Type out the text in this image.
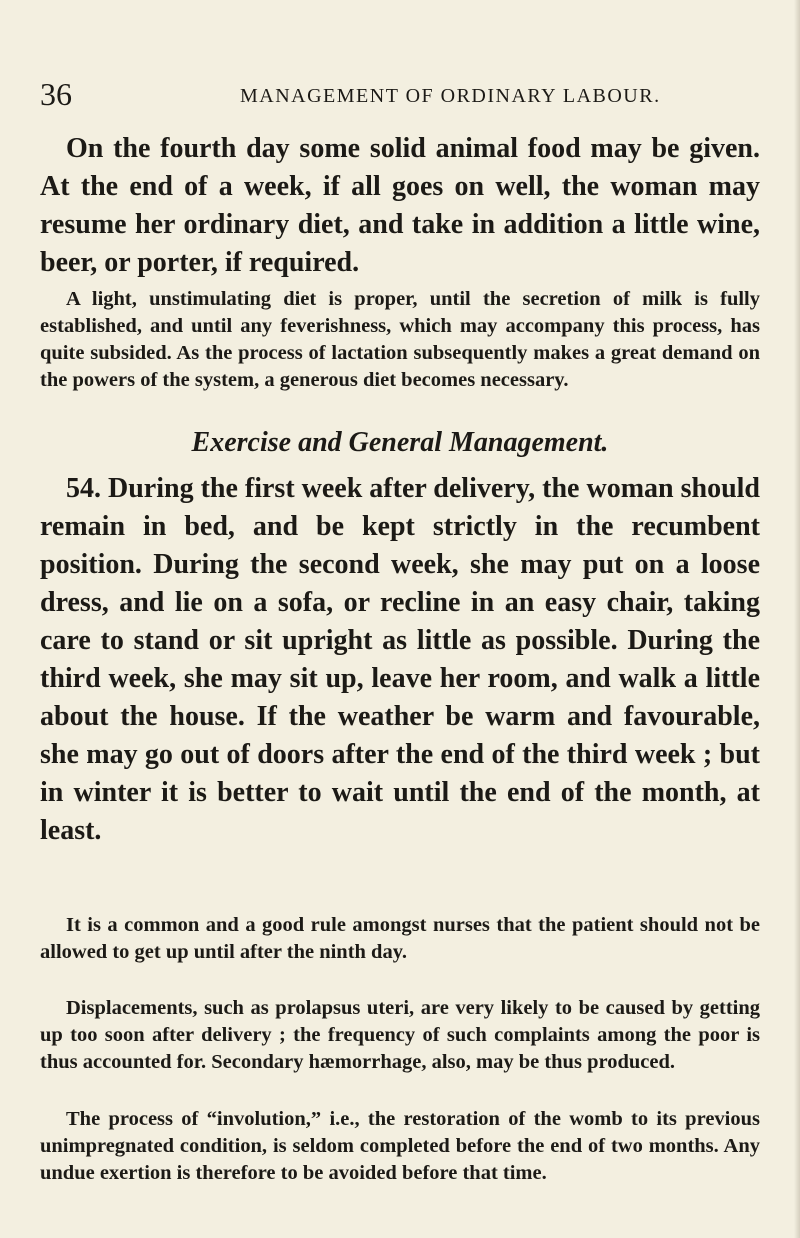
36	MANAGEMENT OF ORDINARY LABOUR.

On the fourth day some solid animal food may be given. At the end of a week, if all goes on well, the woman may resume her ordinary diet, and take in addition a little wine, beer, or porter, if required.

A light, unstimulating diet is proper, until the secretion of milk is fully established, and until any feverishness, which may accompany this process, has quite subsided. As the process of lactation subsequently makes a great demand on the powers of the system, a generous diet becomes necessary.

Exercise and General Management.

54. During the first week after delivery, the woman should remain in bed, and be kept strictly in the recumbent position. During the second week, she may put on a loose dress, and lie on a sofa, or recline in an easy chair, taking care to stand or sit upright as little as possible. During the third week, she may sit up, leave her room, and walk a little about the house. If the weather be warm and favourable, she may go out of doors after the end of the third week ; but in winter it is better to wait until the end of the month, at least.

It is a common and a good rule amongst nurses that the patient should not be allowed to get up until after the ninth day.

Displacements, such as prolapsus uteri, are very likely to be caused by getting up too soon after delivery ; the frequency of such complaints among the poor is thus accounted for. Secondary hæmorrhage, also, may be thus produced.

The process of “involution,” i.e., the restoration of the womb to its previous unimpregnated condition, is seldom completed before the end of two months. Any undue exertion is therefore to be avoided before that time.
